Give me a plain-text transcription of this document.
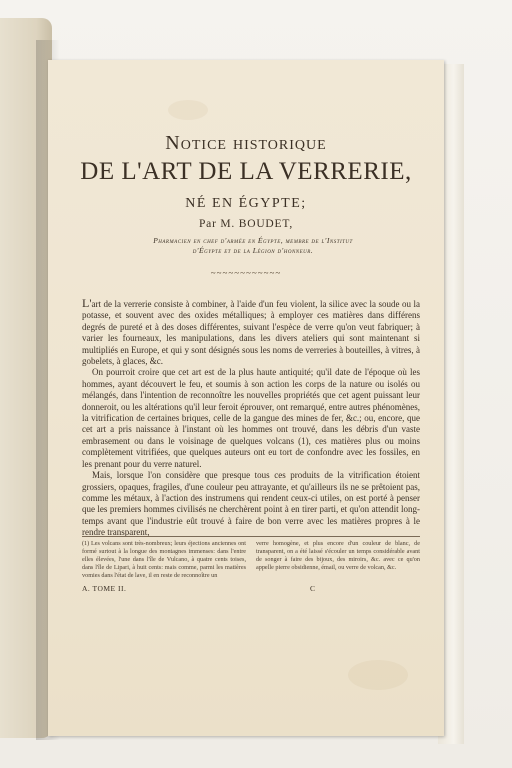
Notice historique
DE L'ART DE LA VERRERIE,
NÉ EN ÉGYPTE;
Par M. BOUDET,
Pharmacien en chef d'armée en Égypte, membre de l'Institut
d'Égypte et de la Légion d'honneur.
~~~~~~~~~~~~

L'art de la verrerie consiste à combiner, à l'aide d'un feu violent, la silice avec la soude ou la potasse, et souvent avec des oxides métalliques; à employer ces matières dans différens degrés de pureté et à des doses différentes, suivant l'espèce de verre qu'on veut fabriquer; à varier les fourneaux, les manipulations, dans les divers ateliers qui sont maintenant si multipliés en Europe, et qui y sont désignés sous les noms de verreries à bouteilles, à vitres, à gobelets, à glaces, &c.

On pourroit croire que cet art est de la plus haute antiquité; qu'il date de l'époque où les hommes, ayant découvert le feu, et soumis à son action les corps de la nature ou isolés ou mélangés, dans l'intention de reconnoître les nouvelles propriétés que cet agent puissant leur donneroit, ou les altérations qu'il leur feroit éprouver, ont remarqué, entre autres phénomènes, la vitrification de certaines briques, celle de la gangue des mines de fer, &c.; ou, encore, que cet art a pris naissance à l'instant où les hommes ont trouvé, dans les débris d'un vaste embrasement ou dans le voisinage de quelques volcans (1), ces matières plus ou moins complètement vitrifiées, que quelques auteurs ont eu tort de confondre avec les fossiles, en les prenant pour du verre naturel.

Mais, lorsque l'on considère que presque tous ces produits de la vitrification étoient grossiers, opaques, fragiles, d'une couleur peu attrayante, et qu'ailleurs ils ne se prêtoient pas, comme les métaux, à l'action des instrumens qui rendent ceux-ci utiles, on est porté à penser que les premiers hommes civilisés ne cherchèrent point à en tirer parti, et qu'on attendit long-temps avant que l'industrie eût trouvé à faire de bon verre avec les matières propres à le rendre transparent,

(1) Les volcans sont très-nombreux; leurs éjections anciennes ont formé surtout à la longue des montagnes immenses: dans l'entre elles élevées, l'une dans l'île de Vulcano, à quatre cents toises, dans l'île de Lipari, à huit cents: mais comme, parmi les matières vomies dans l'état de lave, il en reste de reconnoître un
verre homogène, et plus encore d'un couleur de blanc, de transparent, on a été laissé s'écouler un temps considérable avant de songer à faire des bijoux, des miroirs, &c. avec ce qu'on appelle pierre obsidienne, émail, ou verre de volcan, &c.
A. TOME II.	C
